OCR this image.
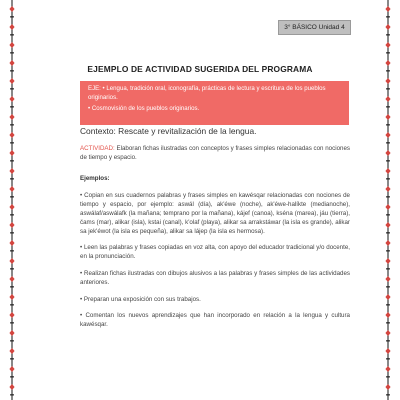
3° BÁSICO Unidad 4
EJEMPLO DE ACTIVIDAD SUGERIDA DEL PROGRAMA

EJE: • Lengua, tradición oral, iconografía, prácticas de lectura y escritura de los pueblos

originarios.

• Cosmovisión de los pueblos originarios.

Contexto: Rescate y revitalización de la lengua.

ACTIVIDAD: Elaboran fichas ilustradas con conceptos y frases simples relacionadas con nociones de tiempo y espacio.

Ejemplos:

• Copian en sus cuadernos palabras y frases simples en kawésqar relacionadas con nociones de tiempo y espacio, por ejemplo: aswál (día), ak'éwe (noche), ak'éwe-halíkte (medianoche), aswálaf/aswálafk (la mañana; temprano por la mañana), kájef (canoa), kséna (marea), jáu (tierra), čams (mar), alikar (isla), kstai (canal), k'olaf (playa), alikar sa arrakstáwar (la isla es grande), alikar sa jek'éwot (la isla es pequeña), alikar sa lájep (la isla es hermosa).

• Leen las palabras y frases copiadas en voz alta, con apoyo del educador tradicional y/o docente, en la pronunciación.

• Realizan fichas ilustradas con dibujos alusivos a las palabras y frases simples de las actividades anteriores.

• Preparan una exposición con sus trabajos.

• Comentan los nuevos aprendizajes que han incorporado en relación a la lengua y cultura kawésqar.
